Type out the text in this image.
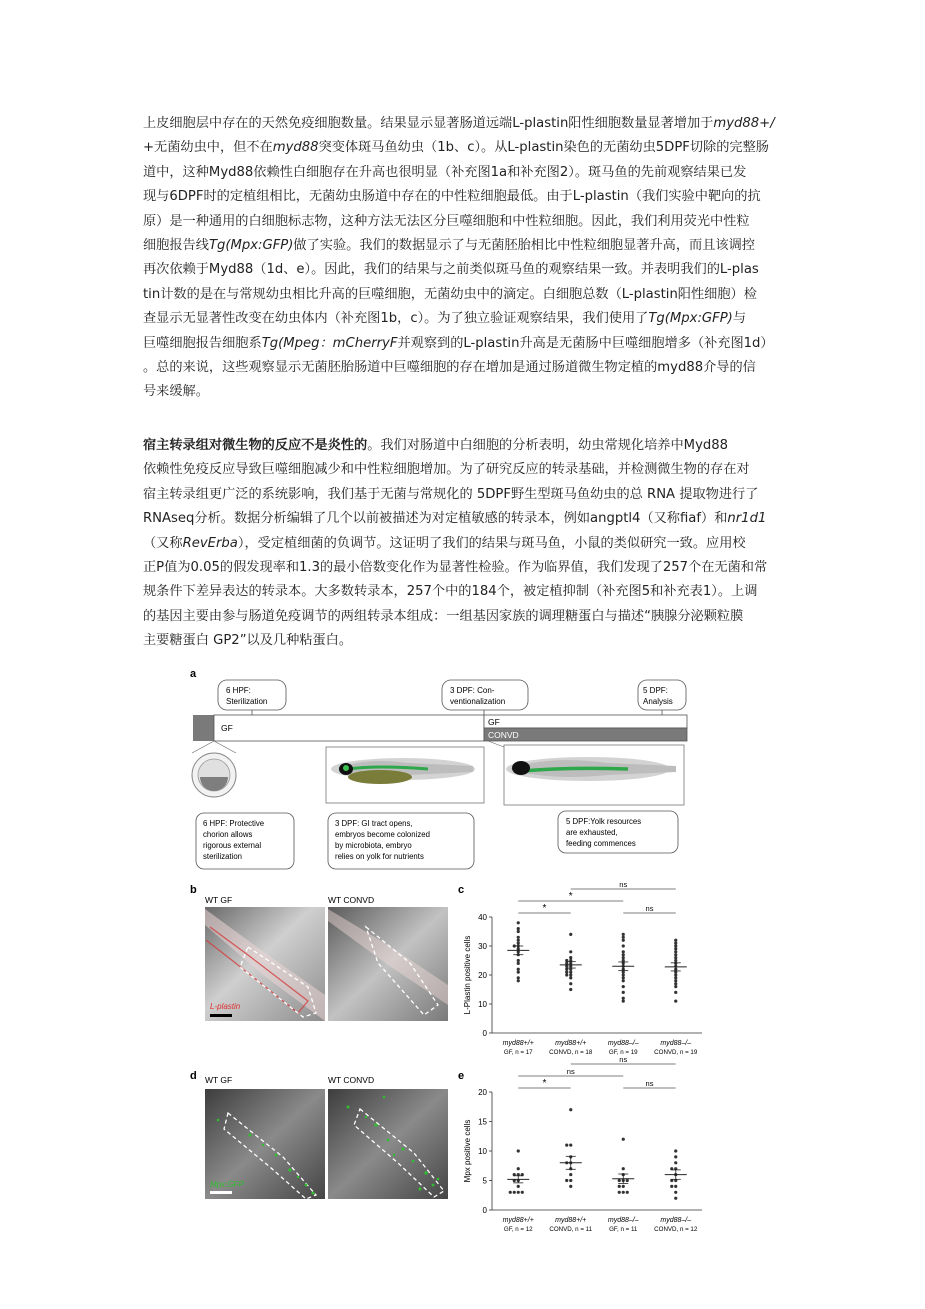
上皮细胞层中存在的天然免疫细胞数量。结果显示显著肠道远端L-plastin阳性细胞数量显著增加于myd88+/

+无菌幼虫中，但不在myd88突变体斑马鱼幼虫（1b、c）。从L-plastin染色的无菌幼虫5DPF切除的完整肠

道中，这种Myd88依赖性白细胞存在升高也很明显（补充图1a和补充图2）。斑马鱼的先前观察结果已发

现与6DPF时的定植组相比，无菌幼虫肠道中存在的中性粒细胞最低。由于L-plastin（我们实验中靶向的抗

原）是一种通用的白细胞标志物，这种方法无法区分巨噬细胞和中性粒细胞。因此，我们利用荧光中性粒

细胞报告线Tg(Mpx:GFP)做了实验。我们的数据显示了与无菌胚胎相比中性粒细胞显著升高，而且该调控

再次依赖于Myd88（1d、e）。因此，我们的结果与之前类似斑马鱼的观察结果一致。并表明我们的L-plas

tin计数的是在与常规幼虫相比升高的巨噬细胞，无菌幼虫中的滴定。白细胞总数（L-plastin阳性细胞）检

查显示无显著性改变在幼虫体内（补充图1b，c）。为了独立验证观察结果，我们使用了Tg(Mpx:GFP)与

巨噬细胞报告细胞系Tg(Mpeg：mCherryF并观察到的L-plastin升高是无菌肠中巨噬细胞增多（补充图1d）

。总的来说，这些观察显示无菌胚胎肠道中巨噬细胞的存在增加是通过肠道微生物定植的myd88介导的信

号来缓解。

宿主转录组对微生物的反应不是炎性的。我们对肠道中白细胞的分析表明，幼虫常规化培养中Myd88

依赖性免疫反应导致巨噬细胞减少和中性粒细胞增加。为了研究反应的转录基础，并检测微生物的存在对

宿主转录组更广泛的系统影响，我们基于无菌与常规化的 5DPF野生型斑马鱼幼虫的总 RNA 提取物进行了

RNAseq分析。数据分析编辑了几个以前被描述为对定植敏感的转录本，例如angptl4（又称fiaf）和nr1d1

（又称RevErba），受定植细菌的负调节。这证明了我们的结果与斑马鱼，小鼠的类似研究一致。应用校

正P值为0.05的假发现率和1.3的最小倍数变化作为显著性检验。作为临界值，我们发现了257个在无菌和常

规条件下差异表达的转录本。大多数转录本，257个中的184个，被定植抑制（补充图5和补充表1）。上调

的基因主要由参与肠道免疫调节的两组转录本组成：一组基因家族的调理糖蛋白与描述“胰腺分泌颗粒膜

主要糖蛋白 GP2”以及几种粘蛋白。

a
6 HPF:
Sterilization
3 DPF: Con-
ventionalization
5 DPF:
Analysis
GF
GF
CONVD
6 HPF: Protective
chorion allows
rigorous external
sterilization
3 DPF: GI tract opens,
embryos become colonized
by microbiota, embryo
relies on yolk for nutrients
5 DPF:Yolk resources
are exhausted,
feeding commences
b
WT GF	WT CONVD
L-plastin
d WT GF	WT CONVD
Mpx:GFP
c
0
10
20
30
40
L-Plastin positive cells
myd88+/+
GF, n = 17
myd88+/+
CONVD, n = 18
myd88–/–
GF, n = 19
myd88–/–
CONVD, n = 19
*	ns
*
ns
e
0
5
10
15
20
Mpx positive cells
myd88+/+
GF, n = 12
myd88+/+
CONVD, n = 11
myd88–/–
GF, n = 11
myd88–/–
CONVD, n = 12
*	ns
ns
ns
